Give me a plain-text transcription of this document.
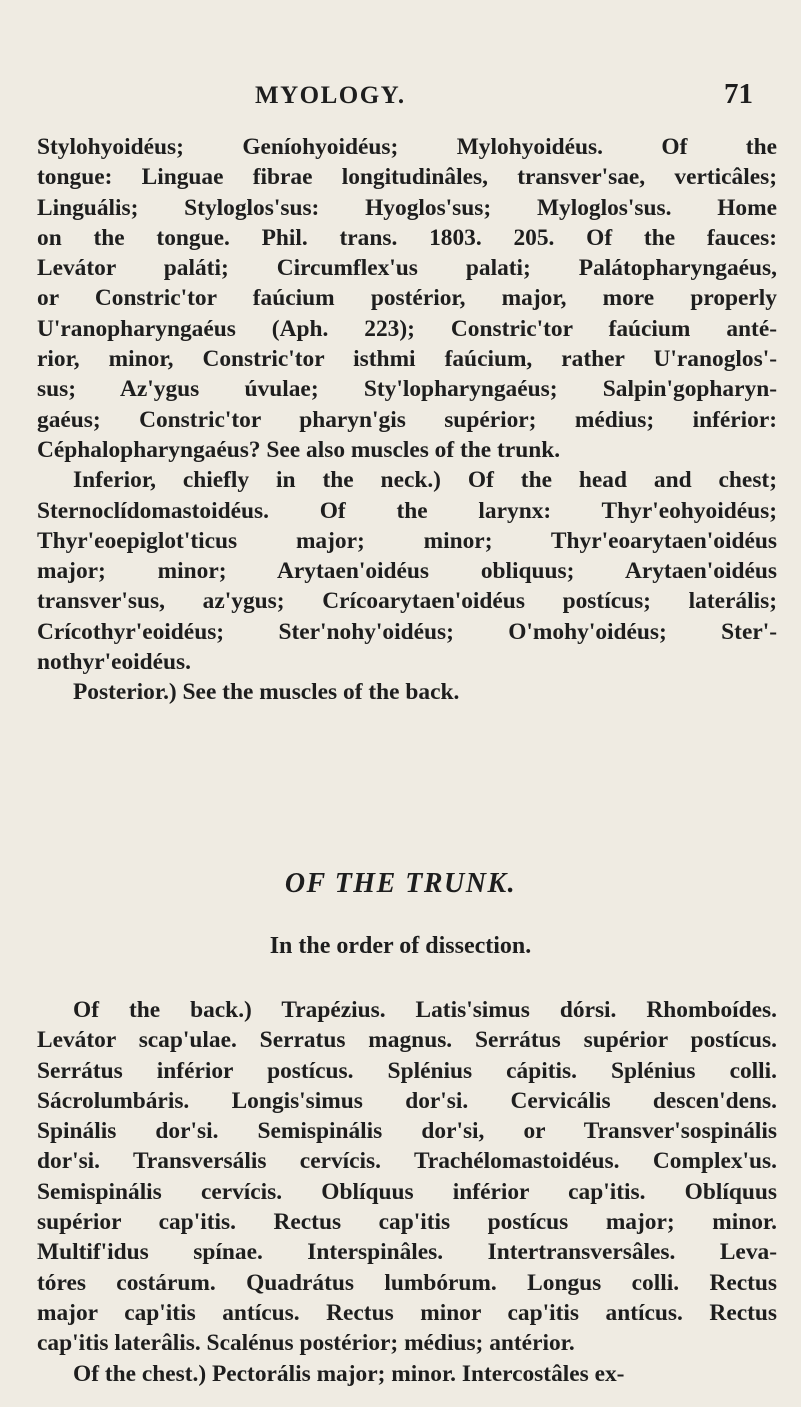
MYOLOGY.	71
Stylohyoidéus; Geníohyoidéus; Mylohyoidéus. Of the
tongue: Linguae fibrae longitudinâles, transver'sae, verticâles;
Linguális; Styloglos'sus: Hyoglos'sus; Myloglos'sus. Home
on the tongue. Phil. trans. 1803. 205. Of the fauces:
Levátor paláti; Circumflex'us palati; Palátopharyngaéus,
or Constric'tor faúcium postérior, major, more properly
U'ranopharyngaéus (Aph. 223); Constric'tor faúcium anté-
rior, minor, Constric'tor isthmi faúcium, rather U'ranoglos'-
sus; Az'ygus úvulae; Sty'lopharyngaéus; Salpin'gopharyn-
gaéus; Constric'tor pharyn'gis supérior; médius; inférior:
Céphalopharyngaéus? See also muscles of the trunk.
Inferior, chiefly in the neck.) Of the head and chest;
Sternoclídomastoidéus. Of the larynx: Thyr'eohyoidéus;
Thyr'eoepiglot'ticus major; minor; Thyr'eoarytaen'oidéus
major; minor; Arytaen'oidéus obliquus; Arytaen'oidéus
transver'sus, az'ygus; Crícoarytaen'oidéus postícus; laterális;
Crícothyr'eoidéus; Ster'nohy'oidéus; O'mohy'oidéus; Ster'-
nothyr'eoidéus.
Posterior.) See the muscles of the back.
OF THE TRUNK.
In the order of dissection.
Of the back.) Trapézius. Latis'simus dórsi. Rhomboídes.
Levátor scap'ulae. Serratus magnus. Serrátus supérior postícus.
Serrátus inférior postícus. Splénius cápitis. Splénius colli.
Sácrolumbáris. Longis'simus dor'si. Cervicális descen'dens.
Spinális dor'si. Semispinális dor'si, or Transver'sospinális
dor'si. Transversális cervícis. Trachélomastoidéus. Complex'us.
Semispinális cervícis. Oblíquus inférior cap'itis. Oblíquus
supérior cap'itis. Rectus cap'itis postícus major; minor.
Multif'idus spínae. Interspinâles. Intertransversâles. Leva-
tóres costárum. Quadrátus lumbórum. Longus colli. Rectus
major cap'itis antícus. Rectus minor cap'itis antícus. Rectus
cap'itis laterâlis. Scalénus postérior; médius; antérior.
Of the chest.) Pectorális major; minor. Intercostâles ex-
